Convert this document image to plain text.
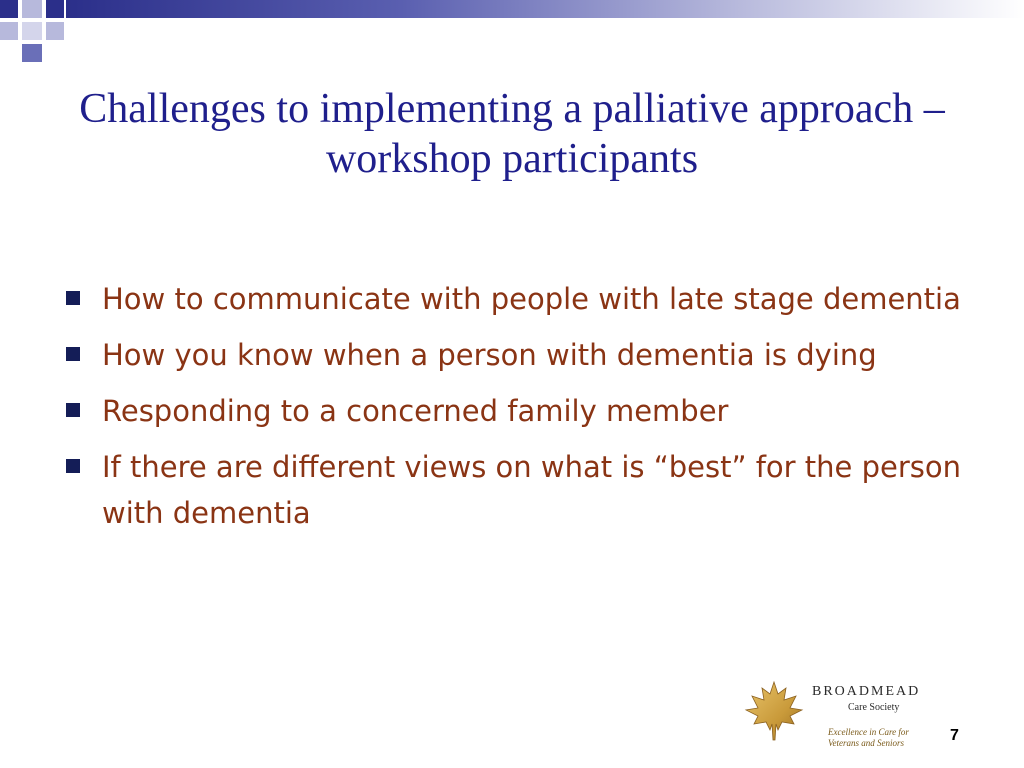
Challenges to implementing a palliative approach – workshop participants
How to communicate with people with late stage dementia
How you know when a person with dementia is dying
Responding to a concerned family member
If there are different views on what is “best” for the person with dementia
BROADMEAD
Care Society
Excellence in Care for
Veterans and Seniors	7
